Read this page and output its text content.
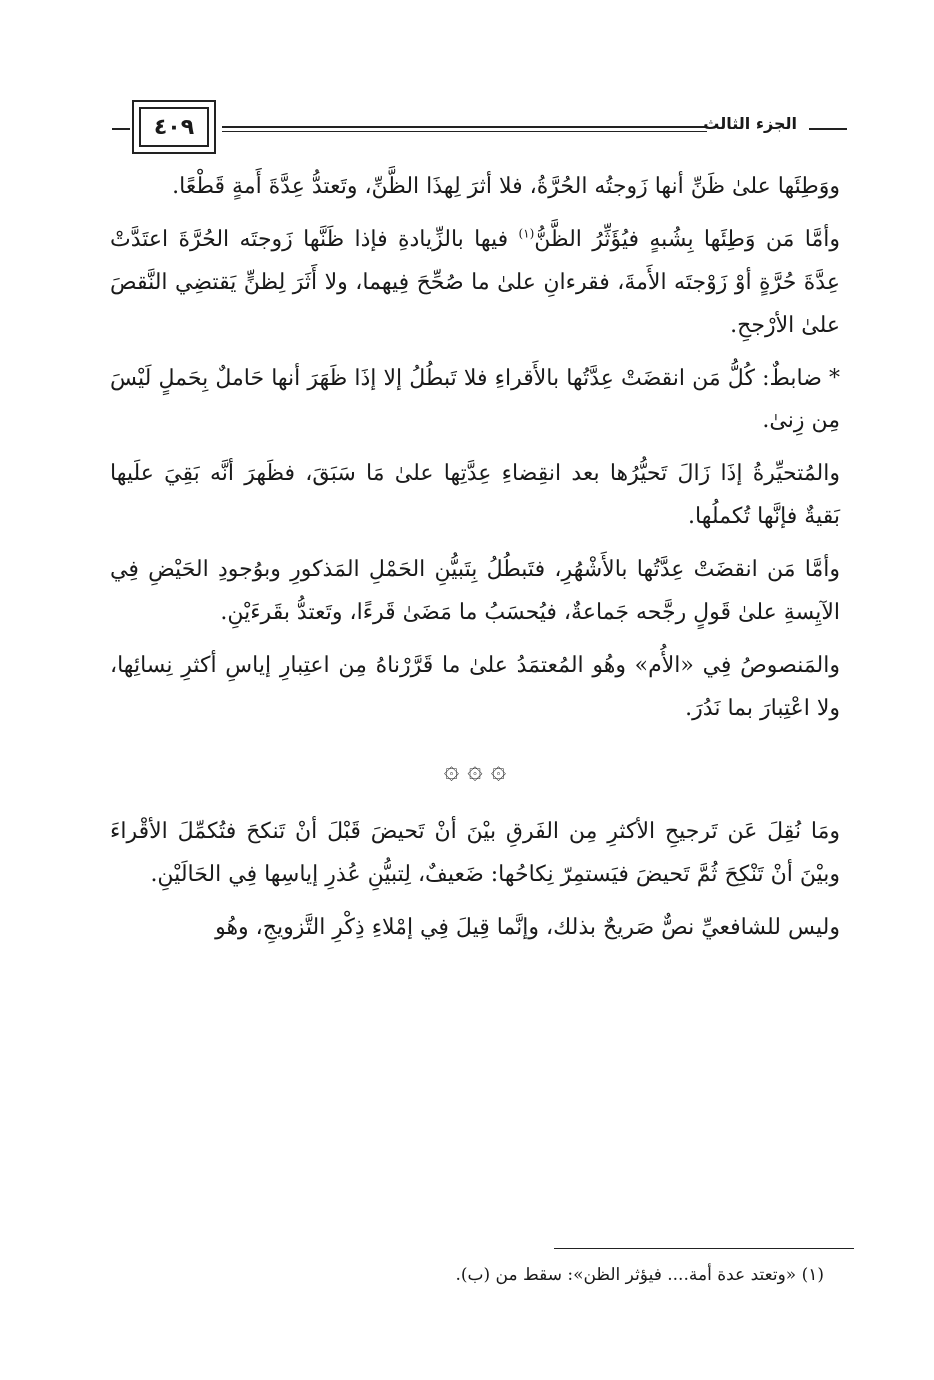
٤٠٩	الجزء الثالث

ووَطِئَها علىٰ ظَنِّ أنها زَوجتُه الحُرَّةُ، فلا أثرَ لِهذَا الظَّنِّ، وتَعتدُّ عِدَّةَ أَمةٍ قَطْعًا.

وأمَّا مَن وَطِئَها بِشُبهٍ فيُؤَثِّرُ الظَّنُّ$^{(١)}$ فيها بالزِّيادةِ فإذا ظَنَّها زَوجتَه الحُرَّةَ اعتَدَّتْ عِدَّةَ حُرَّةٍ أوْ زَوْجتَه الأَمةَ، فقرءانِ علىٰ ما صُحِّحَ فِيهما، ولا أَثَرَ لِظنٍّ يَقتضِي النَّقصَ علىٰ الأرْجحِ.

* ضابطٌ: كُلُّ مَن انقضَتْ عِدَّتُها بالأَقراءِ فلا تَبطُلُ إلا إذَا ظَهَرَ أنها حَاملٌ بِحَملٍ لَيْسَ مِن زِنىٰ.

والمُتحيِّرةُ إذَا زَالَ تَحيُّرُها بعد انقِضاءِ عِدَّتِها علىٰ مَا سَبَقَ، فظَهرَ أنَّه بَقِيَ علَيها بَقيةٌ فإنَّها تُكملُها.

وأمَّا مَن انقضَتْ عِدَّتُها بالأَشْهُرِ، فتَبطُلُ بِتَبيُّنِ الحَمْلِ المَذكورِ وبوُجودِ الحَيْضِ فِي الآيِسةِ علىٰ قَولٍ رجَّحه جَماعةٌ، فيُحسَبُ ما مَضَىٰ قَرءًا، وتَعتدُّ بقَرءَيْنِ.

والمَنصوصُ فِي «الأُم» وهُو المُعتمَدُ علىٰ ما قَرَّرْناهُ مِن اعتِبارِ إياسِ أكثرِ نِسائِها، ولا اعْتِبارَ بما نَدُرَ.

۞ ۞ ۞

ومَا نُقِلَ عَن تَرجيحِ الأكثرِ مِن الفَرقِ بيْنَ أنْ تَحيضَ قَبْلَ أنْ تَنكحَ فتُكمِّلَ الأقْراءَ وبيْنَ أنْ تَنْكِحَ ثُمَّ تَحيضَ فيَستمِرّ نِكاحُها: ضَعيفٌ، لِتبيُّنِ عُذرِ إياسِها فِي الحَالَيْنِ.

وليس للشافعيِّ نصٌّ صَريحٌ بذلك، وإنَّما قِيلَ فِي إمْلاءِ ذِكْرِ التَّزويجِ، وهُو

(١) «وتعتد عدة أمة.... فيؤثر الظن»: سقط من (ب).
